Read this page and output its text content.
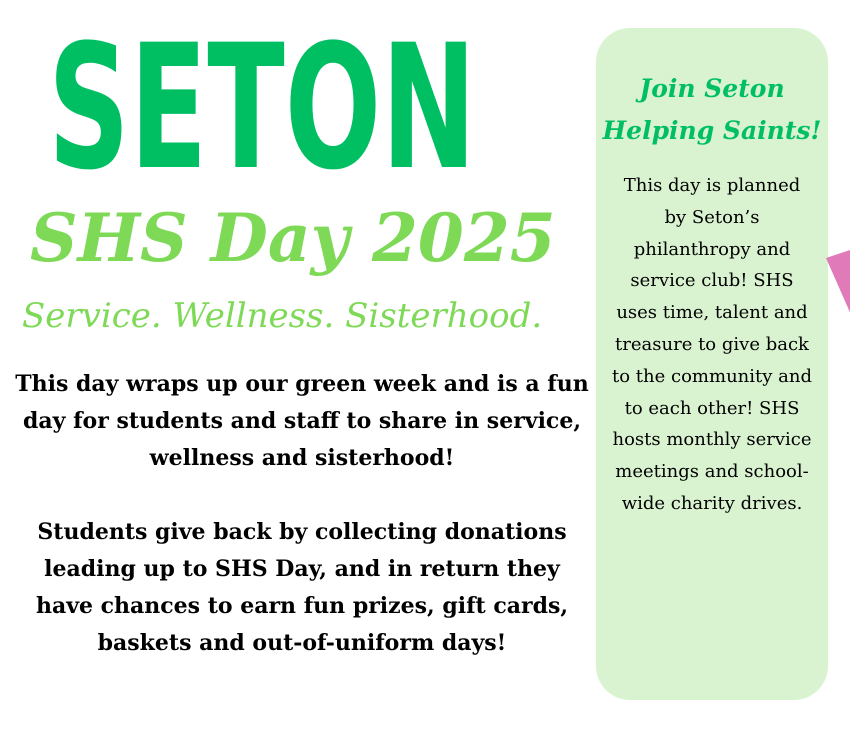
SETON
SHS Day 2025
Service. Wellness. Sisterhood.

This day wraps up our green week and is a fun day for students and staff to share in service, wellness and sisterhood!

Students give back by collecting donations leading up to SHS Day, and in return they have chances to earn fun prizes, gift cards, baskets and out-of-uniform days!

Join Seton
Helping Saints!

This day is planned by Seton’s philanthropy and service club! SHS uses time, talent and treasure to give back to the community and to each other! SHS hosts monthly service meetings and school-wide charity drives.
